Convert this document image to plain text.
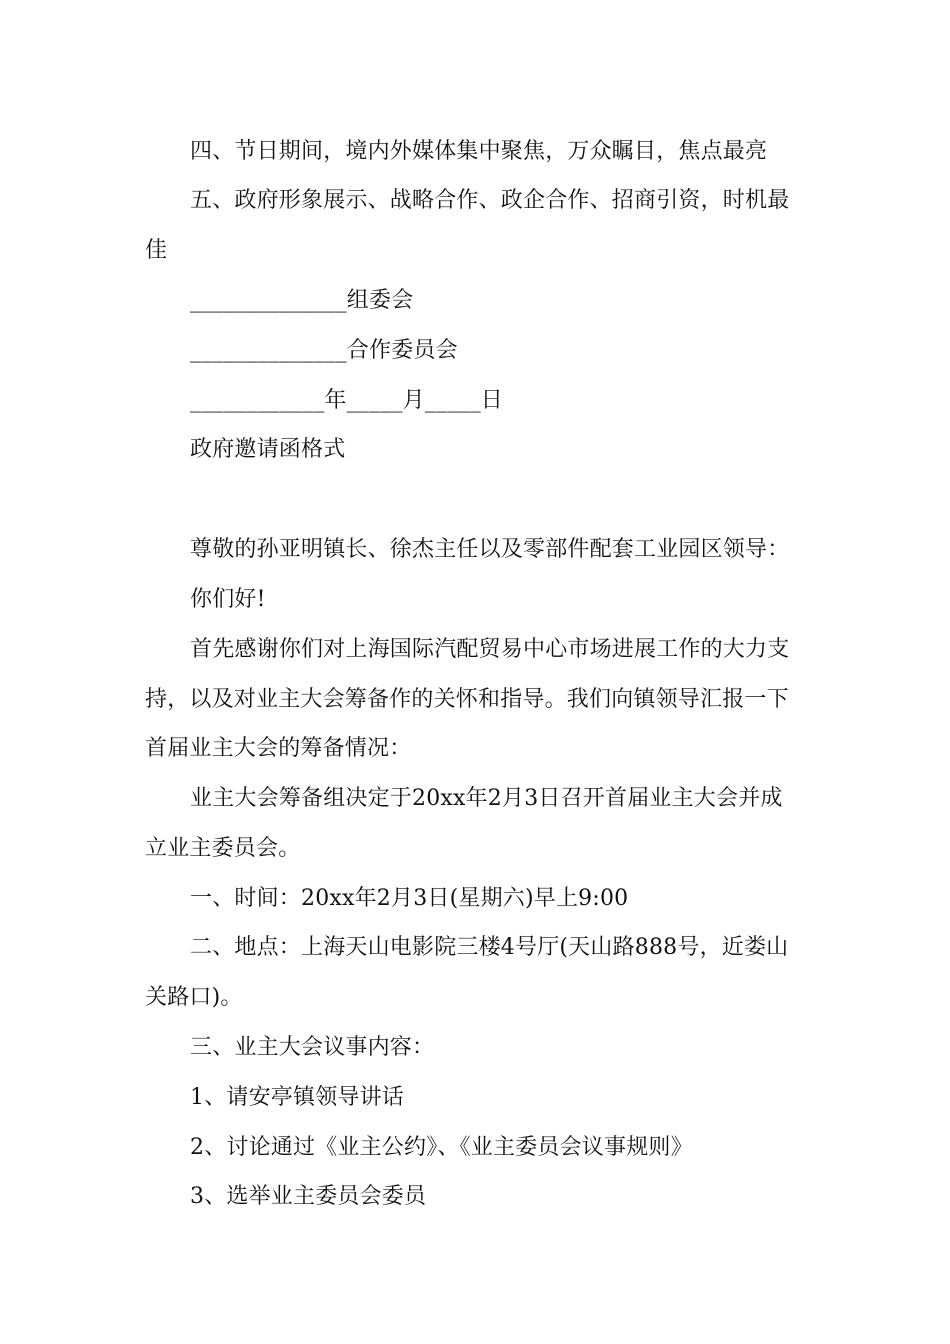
四、节日期间，境内外媒体集中聚焦，万众瞩目，焦点最亮
五、政府形象展示、战略合作、政企合作、招商引资，时机最
佳
______________组委会
______________合作委员会
____________年_____月_____日
政府邀请函格式
尊敬的孙亚明镇长、徐杰主任以及零部件配套工业园区领导：
你们好!
首先感谢你们对上海国际汽配贸易中心市场进展工作的大力支
持，以及对业主大会筹备作的关怀和指导。我们向镇领导汇报一下
首届业主大会的筹备情况：
业主大会筹备组决定于20xx年2月3日召开首届业主大会并成
立业主委员会。
一、时间：20xx年2月3日(星期六)早上9:00
二、地点：上海天山电影院三楼4号厅(天山路888号，近娄山
关路口)。
三、业主大会议事内容：
1、请安亭镇领导讲话
2、讨论通过《业主公约》、《业主委员会议事规则》
3、选举业主委员会委员
